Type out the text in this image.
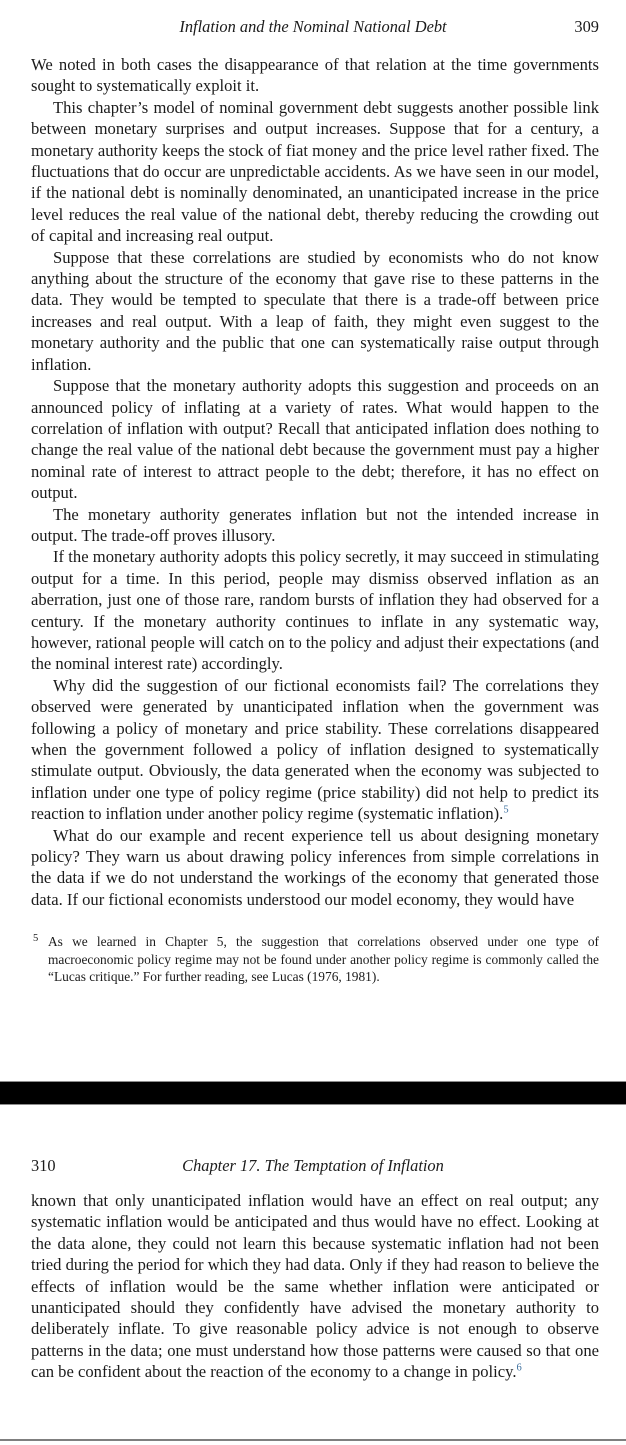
Inflation and the Nominal National Debt	309

We noted in both cases the disappearance of that relation at the time governments sought to systematically exploit it.

This chapter’s model of nominal government debt suggests another possible link between monetary surprises and output increases. Suppose that for a century, a monetary authority keeps the stock of fiat money and the price level rather fixed. The fluctuations that do occur are unpredictable accidents. As we have seen in our model, if the national debt is nominally denominated, an unanticipated increase in the price level reduces the real value of the national debt, thereby reducing the crowding out of capital and increasing real output.

Suppose that these correlations are studied by economists who do not know anything about the structure of the economy that gave rise to these patterns in the data. They would be tempted to speculate that there is a trade-off between price increases and real output. With a leap of faith, they might even suggest to the monetary authority and the public that one can systematically raise output through inflation.

Suppose that the monetary authority adopts this suggestion and proceeds on an announced policy of inflating at a variety of rates. What would happen to the correlation of inflation with output? Recall that anticipated inflation does nothing to change the real value of the national debt because the government must pay a higher nominal rate of interest to attract people to the debt; therefore, it has no effect on output.

The monetary authority generates inflation but not the intended increase in output. The trade-off proves illusory.

If the monetary authority adopts this policy secretly, it may succeed in stimulating output for a time. In this period, people may dismiss observed inflation as an aberration, just one of those rare, random bursts of inflation they had observed for a century. If the monetary authority continues to inflate in any systematic way, however, rational people will catch on to the policy and adjust their expectations (and the nominal interest rate) accordingly.

Why did the suggestion of our fictional economists fail? The correlations they observed were generated by unanticipated inflation when the government was following a policy of monetary and price stability. These correlations disappeared when the government followed a policy of inflation designed to systematically stimulate output. Obviously, the data generated when the economy was subjected to inflation under one type of policy regime (price stability) did not help to predict its reaction to inflation under another policy regime (systematic inflation).$^5$

What do our example and recent experience tell us about designing monetary policy? They warn us about drawing policy inferences from simple correlations in the data if we do not understand the workings of the economy that generated those data. If our fictional economists understood our model economy, they would have

5 As we learned in Chapter 5, the suggestion that correlations observed under one type of macroeconomic policy regime may not be found under another policy regime is commonly called the “Lucas critique.” For further reading, see Lucas (1976, 1981).
310	Chapter 17. The Temptation of Inflation

known that only unanticipated inflation would have an effect on real output; any systematic inflation would be anticipated and thus would have no effect. Looking at the data alone, they could not learn this because systematic inflation had not been tried during the period for which they had data. Only if they had reason to believe the effects of inflation would be the same whether inflation were anticipated or unanticipated should they confidently have advised the monetary authority to deliberately inflate. To give reasonable policy advice is not enough to observe patterns in the data; one must understand how those patterns were caused so that one can be confident about the reaction of the economy to a change in policy.$^6$
